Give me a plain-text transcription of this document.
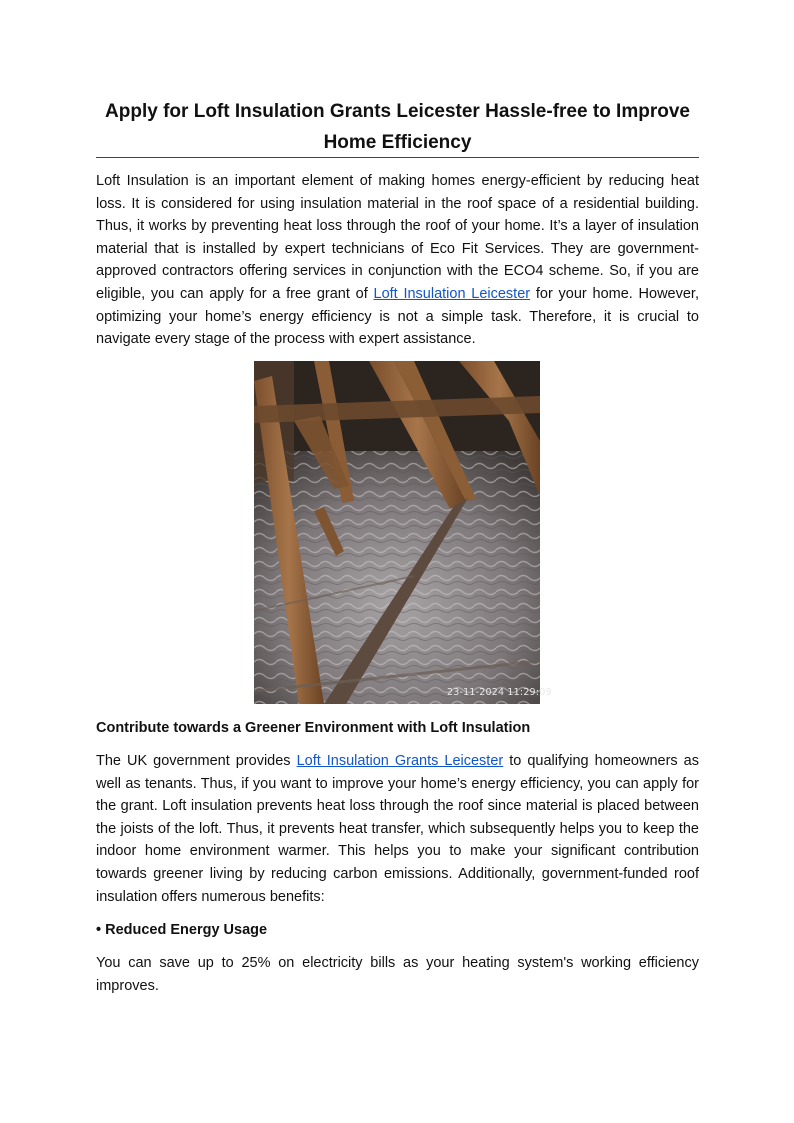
Apply for Loft Insulation Grants Leicester Hassle-free to Improve Home Efficiency

Loft Insulation is an important element of making homes energy-efficient by reducing heat loss. It is considered for using insulation material in the roof space of a residential building. Thus, it works by preventing heat loss through the roof of your home. It’s a layer of insulation material that is installed by expert technicians of Eco Fit Services. They are government-approved contractors offering services in conjunction with the ECO4 scheme. So, if you are eligible, you can apply for a free grant of Loft Insulation Leicester for your home. However, optimizing your home’s energy efficiency is not a simple task. Therefore, it is crucial to navigate every stage of the process with expert assistance.

23-11-2024 11:29:09
Contribute towards a Greener Environment with Loft Insulation

The UK government provides Loft Insulation Grants Leicester to qualifying homeowners as well as tenants. Thus, if you want to improve your home’s energy efficiency, you can apply for the grant. Loft insulation prevents heat loss through the roof since material is placed between the joists of the loft. Thus, it prevents heat transfer, which subsequently helps you to keep the indoor home environment warmer. This helps you to make your significant contribution towards greener living by reducing carbon emissions. Additionally, government-funded roof insulation offers numerous benefits:

• Reduced Energy Usage

You can save up to 25% on electricity bills as your heating system's working efficiency improves.
